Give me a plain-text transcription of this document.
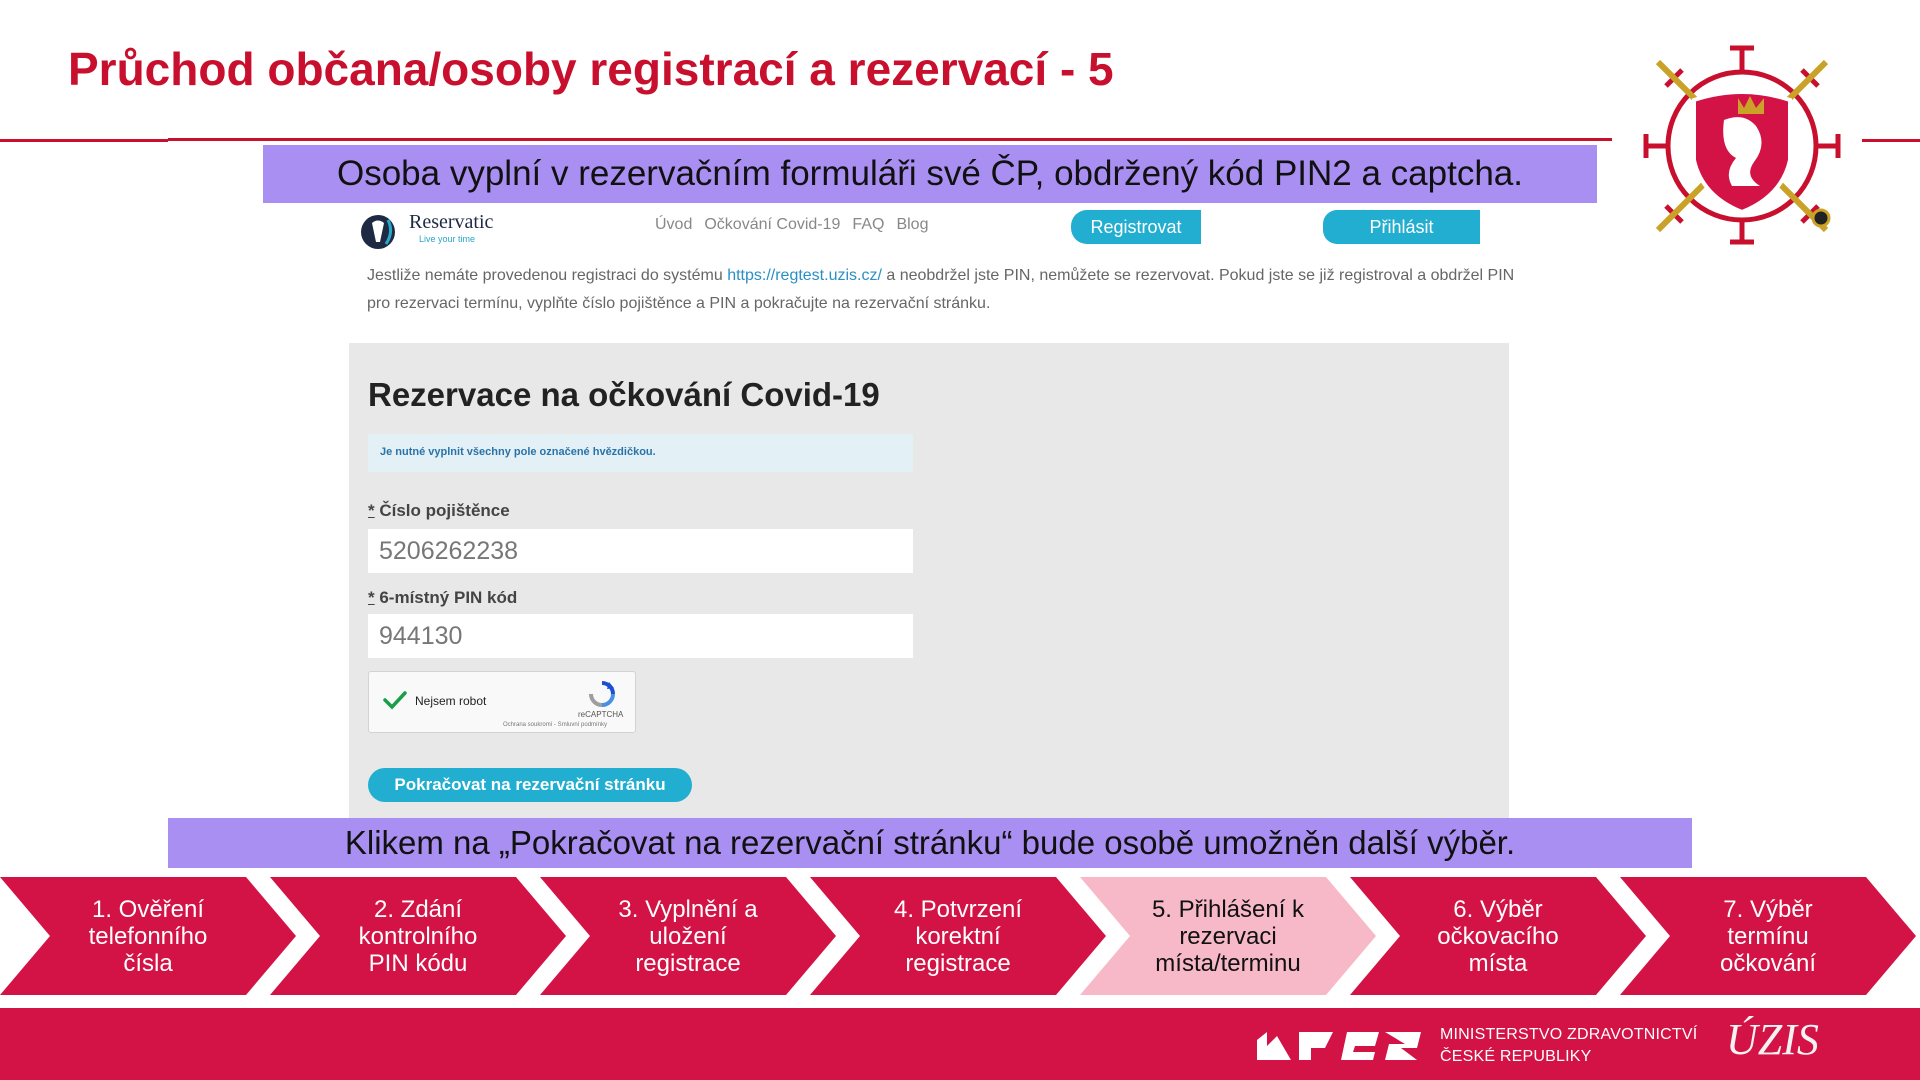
Průchod občana/osoby registrací a rezervací - 5
Osoba vyplní v rezervačním formuláři své ČP, obdržený kód PIN2 a captcha.
Reservatic
Live your time
Úvod Očkování Covid-19 FAQ Blog	Registrovat	Přihlásit
Jestliže nemáte provedenou registraci do systému https://regtest.uzis.cz/ a neobdržel jste PIN, nemůžete se rezervovat. Pokud jste se již registroval a obdržel PIN pro rezervaci termínu, vyplňte číslo pojištěnce a PIN a pokračujte na rezervační stránku.
Rezervace na očkování Covid-19
Je nutné vyplnit všechny pole označené hvězdičkou.
* Číslo pojištěnce
5206262238
* 6-místný PIN kód
944130
Nejsem robot
reCAPTCHA
Ochrana soukromí - Smluvní podmínky
Pokračovat na rezervační stránku
Klikem na „Pokračovat na rezervační stránku“ bude osobě umožněn další výběr.
1. Ověření
telefonního
čísla
2. Zdání
kontrolního
PIN kódu
3. Vyplnění a
uložení
registrace
4. Potvrzení
korektní
registrace
5. Přihlášení k
rezervaci
místa/terminu
6. Výběr
očkovacího
místa
7. Výběr
termínu
očkování
MINISTERSTVO ZDRAVOTNICTVÍ
ČESKÉ REPUBLIKY	ÚZIS
